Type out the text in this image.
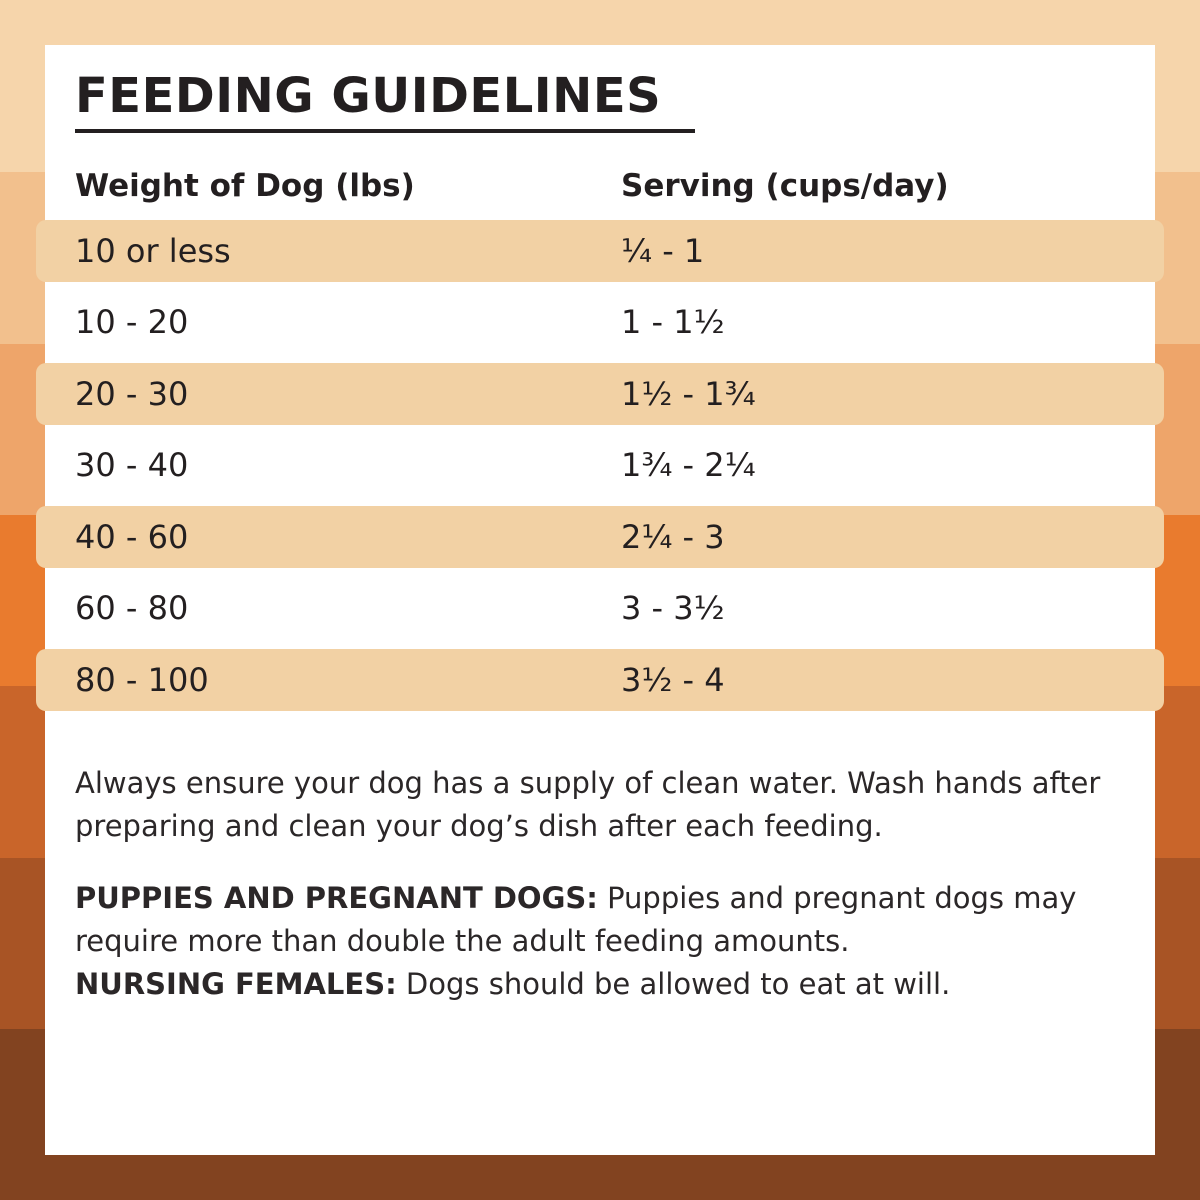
FEEDING GUIDELINES
Weight of Dog (lbs)	Serving (cups/day)
10 or less	¼ - 1
10 - 20	1 - 1½
20 - 30	1½ - 1¾
30 - 40	1¾ - 2¼
40 - 60	2¼ - 3
60 - 80	3 - 3½
80 - 100	3½ - 4
Always ensure your dog has a supply of clean water. Wash hands after preparing and clean your dog’s dish after each feeding.

PUPPIES AND PREGNANT DOGS: Puppies and pregnant dogs may require more than double the adult feeding amounts.

NURSING FEMALES: Dogs should be allowed to eat at will.
